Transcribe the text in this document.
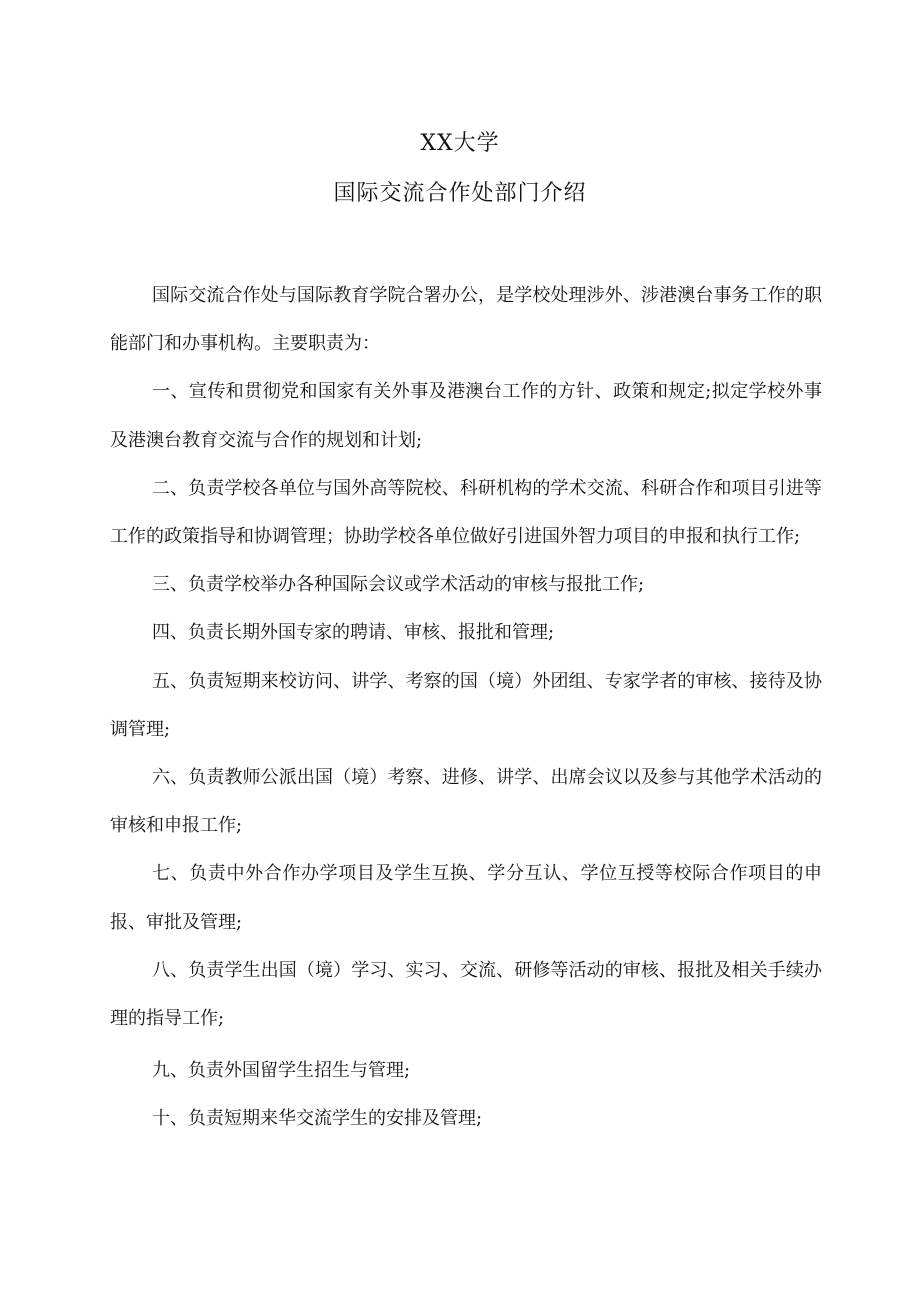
XX大学
国际交流合作处部门介绍

国际交流合作处与国际教育学院合署办公，是学校处理涉外、涉港澳台事务工作的职能部门和办事机构。主要职责为：

一、宣传和贯彻党和国家有关外事及港澳台工作的方针、政策和规定;拟定学校外事及港澳台教育交流与合作的规划和计划;

二、负责学校各单位与国外高等院校、科研机构的学术交流、科研合作和项目引进等工作的政策指导和协调管理；协助学校各单位做好引进国外智力项目的申报和执行工作;

三、负责学校举办各种国际会议或学术活动的审核与报批工作;

四、负责长期外国专家的聘请、审核、报批和管理;

五、负责短期来校访问、讲学、考察的国（境）外团组、专家学者的审核、接待及协调管理;

六、负责教师公派出国（境）考察、进修、讲学、出席会议以及参与其他学术活动的审核和申报工作;

七、负责中外合作办学项目及学生互换、学分互认、学位互授等校际合作项目的申报、审批及管理;

八、负责学生出国（境）学习、实习、交流、研修等活动的审核、报批及相关手续办理的指导工作;

九、负责外国留学生招生与管理;

十、负责短期来华交流学生的安排及管理;
